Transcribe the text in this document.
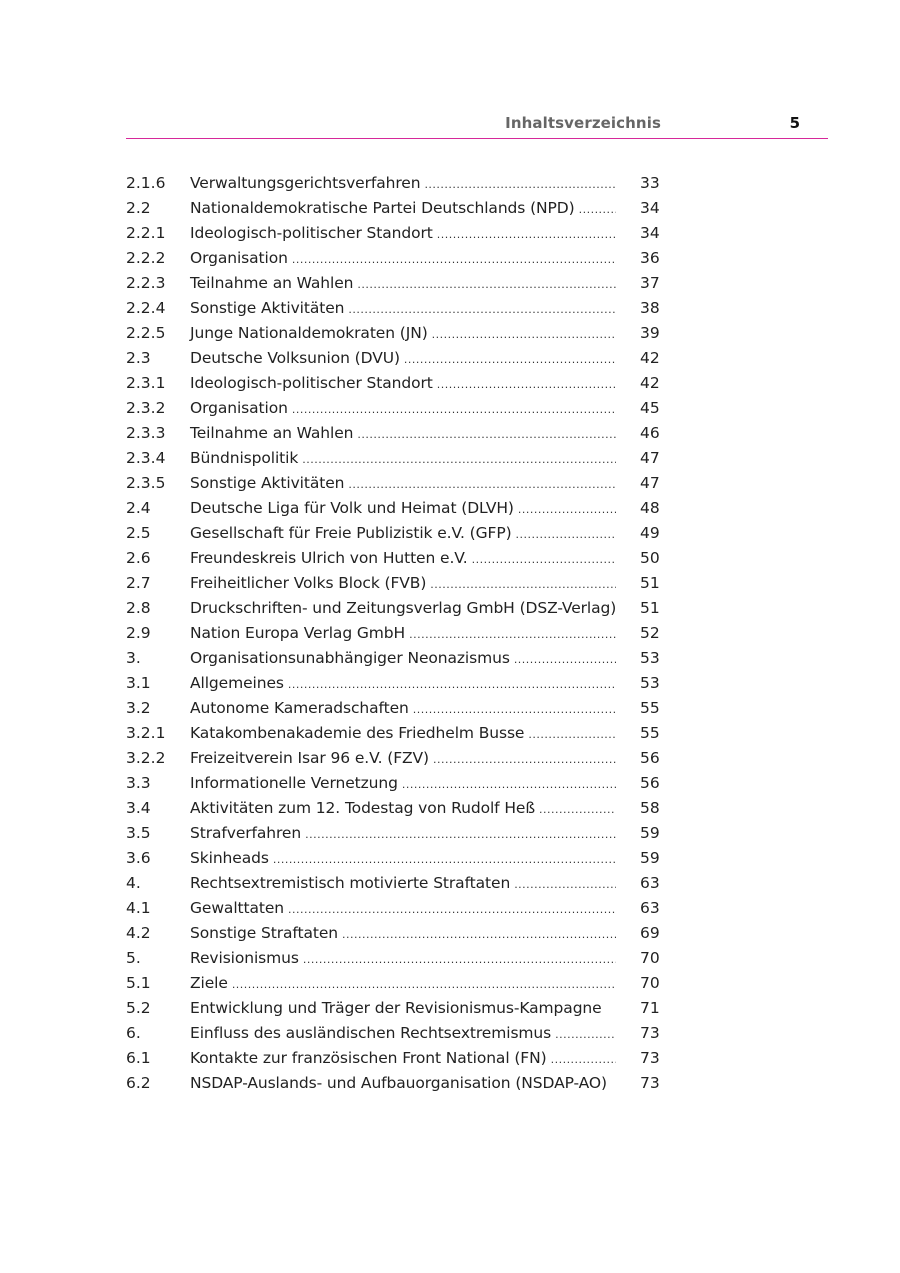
Inhaltsverzeichnis	5
2.1.6	Verwaltungsgerichtsverfahren .....	33
2.2	Nationaldemokratische Partei Deutschlands (NPD) .....	34
2.2.1	Ideologisch-politischer Standort .....	34
2.2.2	Organisation .....	36
2.2.3	Teilnahme an Wahlen .....	37
2.2.4	Sonstige Aktivitäten .....	38
2.2.5	Junge Nationaldemokraten (JN) .....	39
2.3	Deutsche Volksunion (DVU) .....	42
2.3.1	Ideologisch-politischer Standort .....	42
2.3.2	Organisation .....	45
2.3.3	Teilnahme an Wahlen .....	46
2.3.4	Bündnispolitik .....	47
2.3.5	Sonstige Aktivitäten .....	47
2.4	Deutsche Liga für Volk und Heimat (DLVH) .....	48
2.5	Gesellschaft für Freie Publizistik e.V. (GFP) .....	49
2.6	Freundeskreis Ulrich von Hutten e.V. .....	50
2.7	Freiheitlicher Volks Block (FVB) .....	51
2.8	Druckschriften- und Zeitungsverlag GmbH (DSZ-Verlag) 51
2.9	Nation Europa Verlag GmbH .....	52
3.	Organisationsunabhängiger Neonazismus .....	53
3.1	Allgemeines .....	53
3.2	Autonome Kameradschaften .....	55
3.2.1	Katakombenakademie des Friedhelm Busse .....	55
3.2.2	Freizeitverein Isar 96 e.V. (FZV) .....	56
3.3	Informationelle Vernetzung .....	56
3.4	Aktivitäten zum 12. Todestag von Rudolf Heß .....	58
3.5	Strafverfahren .....	59
3.6	Skinheads .....	59
4.	Rechtsextremistisch motivierte Straftaten .....	63
4.1	Gewalttaten .....	63
4.2	Sonstige Straftaten .....	69
5.	Revisionismus .....	70
5.1	Ziele .....	70
5.2	Entwicklung und Träger der Revisionismus-Kampagne 71
6.	Einfluss des ausländischen Rechtsextremismus .....	73
6.1	Kontakte zur französischen Front National (FN) .....	73
6.2	NSDAP-Auslands- und Aufbauorganisation (NSDAP-AO) 73
